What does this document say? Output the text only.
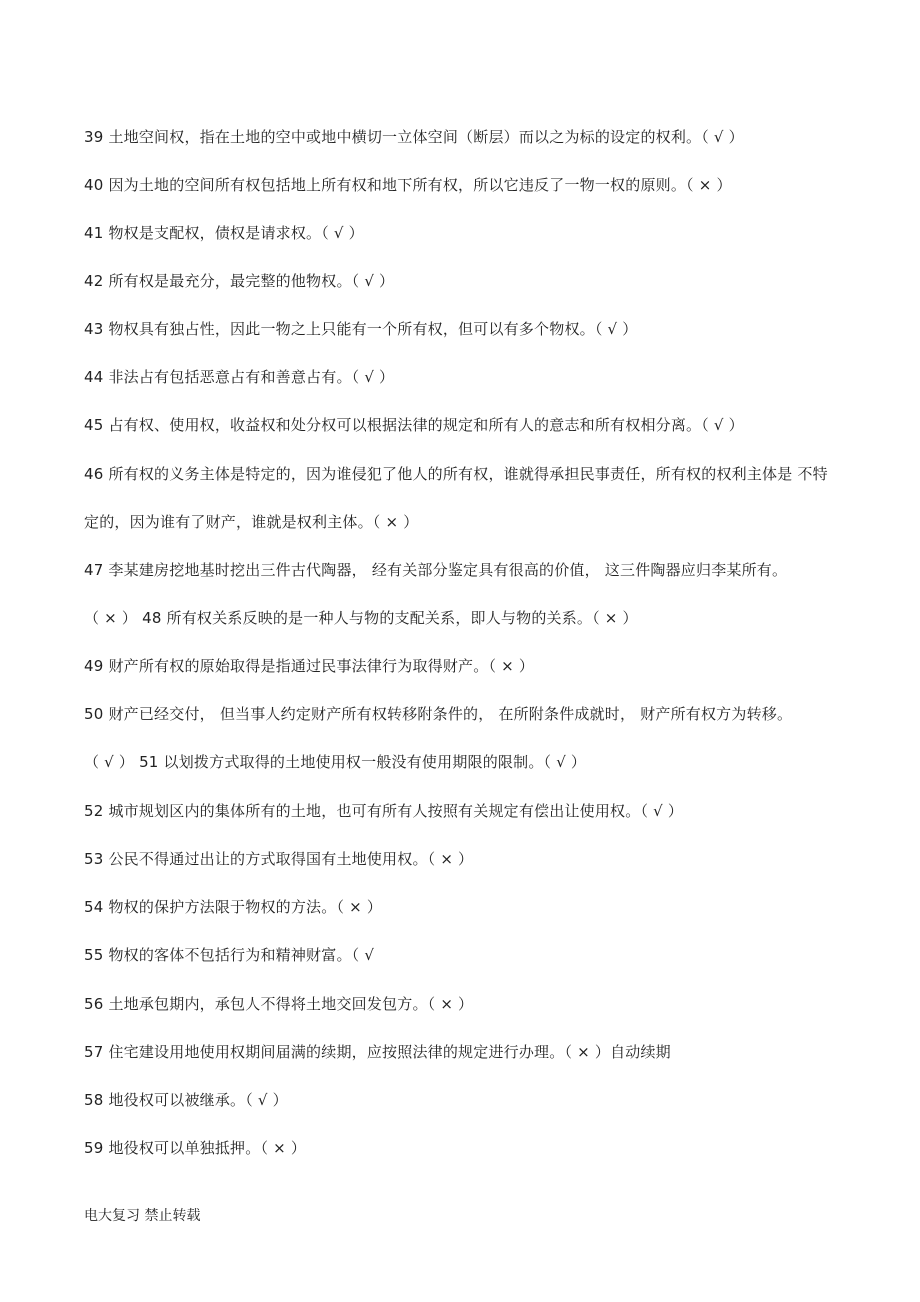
39 土地空间权，指在土地的空中或地中横切一立体空间（断层）而以之为标的设定的权利。（ √ ）
40 因为土地的空间所有权包括地上所有权和地下所有权，所以它违反了一物一权的原则。（ × ）
41 物权是支配权，债权是请求权。（ √ ）
42 所有权是最充分，最完整的他物权。（ √ ）
43 物权具有独占性，因此一物之上只能有一个所有权，但可以有多个物权。（ √ ）
44 非法占有包括恶意占有和善意占有。（ √ ）
45 占有权、使用权，收益权和处分权可以根据法律的规定和所有人的意志和所有权相分离。（ √ ）
46 所有权的义务主体是特定的，因为谁侵犯了他人的所有权，谁就得承担民事责任，所有权的权利主体是 不特
定的，因为谁有了财产，谁就是权利主体。（ × ）
47 李某建房挖地基时挖出三件古代陶器， 经有关部分鉴定具有很高的价值， 这三件陶器应归李某所有。
（ × ） 48 所有权关系反映的是一种人与物的支配关系，即人与物的关系。（ × ）
49 财产所有权的原始取得是指通过民事法律行为取得财产。（ × ）
50 财产已经交付， 但当事人约定财产所有权转移附条件的， 在所附条件成就时， 财产所有权方为转移。
（ √ ） 51 以划拨方式取得的土地使用权一般没有使用期限的限制。（ √ ）
52 城市规划区内的集体所有的土地，也可有所有人按照有关规定有偿出让使用权。（ √ ）
53 公民不得通过出让的方式取得国有土地使用权。（ × ）
54 物权的保护方法限于物权的方法。（ × ）
55 物权的客体不包括行为和精神财富。（ √
56 土地承包期内，承包人不得将土地交回发包方。（ × ）
57 住宅建设用地使用权期间届满的续期，应按照法律的规定进行办理。（ × ）自动续期
58 地役权可以被继承。（ √ ）
59 地役权可以单独抵押。（ × ）
电大复习 禁止转载
